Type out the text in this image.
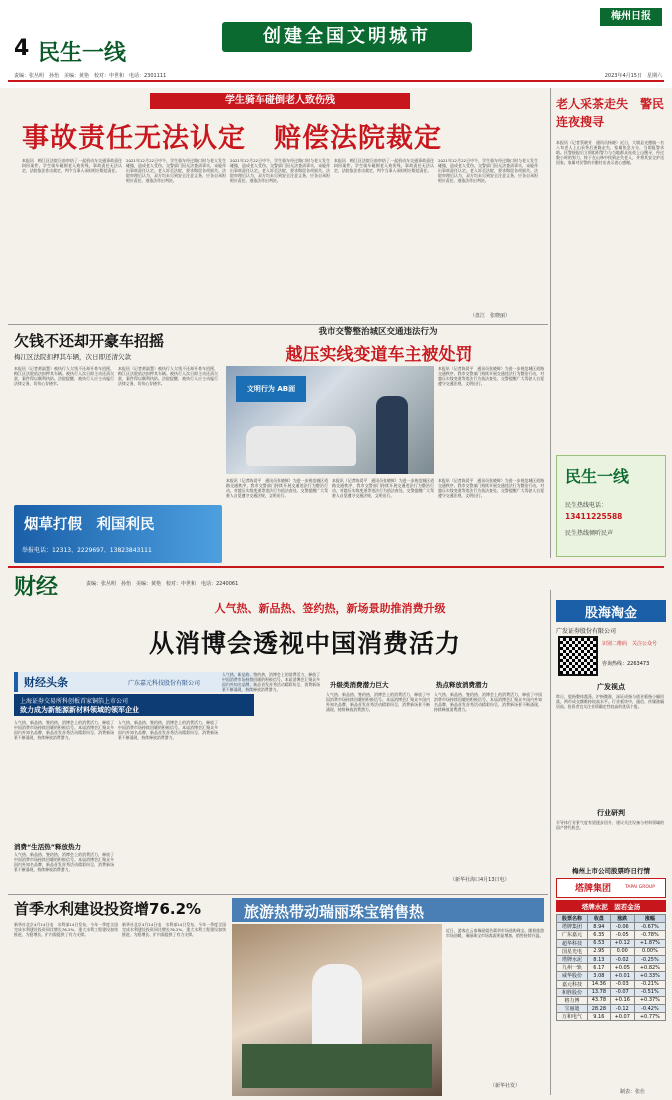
4 民生一线
创建全国文明城市
梅州日报
责编：张丛明　孙怡　美编：黄艳　校对：申世和　电话：2301111	2023年4月15日　星期六
学生骑车碰倒老人致伤残
事故责任无法认定　赔偿法院裁定
本报讯　梅江区法院日前审结了一起机动车交通事故责任纠纷案件。学生骑车碰倒老人致伤残，事故责任无法认定，法院依法作出裁定，判令当事人承担相应赔偿责任。
2021年12月22日中午，学生骑车经过路口时与老人发生碰撞，造成老人受伤。交警部门因无法查清事实，未能作出事故责任认定。老人诉至法院，要求赔偿各项损失。法院审理后认为，双方均未尽到安全注意义务，应各自承担相应责任，遂依法作出判决。
2021年12月22日中午，学生骑车经过路口时与老人发生碰撞，造成老人受伤。交警部门因无法查清事实，未能作出事故责任认定。老人诉至法院，要求赔偿各项损失。法院审理后认为，双方均未尽到安全注意义务，应各自承担相应责任，遂依法作出判决。
本报讯　梅江区法院日前审结了一起机动车交通事故责任纠纷案件。学生骑车碰倒老人致伤残，事故责任无法认定，法院依法作出裁定，判令当事人承担相应赔偿责任。
2021年12月22日中午，学生骑车经过路口时与老人发生碰撞，造成老人受伤。交警部门因无法查清事实，未能作出事故责任认定。老人诉至法院，要求赔偿各项损失。法院审理后认为，双方均未尽到安全注意义务，应各自承担相应责任，遂依法作出判决。
（盘江　张晓丽）
老人采茶走失　警民连夜搜寻
本报讯（记者蔡晓芳　通讯员杨晓）近日，大埔县光德镇一名八旬老人上山采茶后迷路走失，家属焦急万分，当即报警求助。民警接报后立即组织警力与当地群众连夜上山搜寻，经过数小时的努力，终于在山林中找到走失老人，并将其安全护送回家。家属对民警的辛勤付出表示衷心感谢。
欠钱不还却开豪车招摇
梅江区法院扣押其车辆，次日即还清欠款
本报讯（记者黄淑慧）被执行人欠钱不还却开豪车招摇，梅江区法院依法扣押其车辆。被执行人次日即主动还清欠款，案件得以顺利执结。法院提醒，被执行人应主动履行法律义务，切勿心存侥幸。
本报讯（记者黄淑慧）被执行人欠钱不还却开豪车招摇，梅江区法院依法扣押其车辆。被执行人次日即主动还清欠款，案件得以顺利执结。法院提醒，被执行人应主动履行法律义务，切勿心存侥幸。
我市交警整治城区交通违法行为
越压实线变道车主被处罚
文明行为 AB面
本报讯（记者陈爱平　通讯员张晓辉）为进一步规范城区道路交通秩序，我市交警部门持续开展交通违法行为整治行动，对越压实线变道等违法行为依法查处。交警提醒广大驾驶人自觉遵守交通法规，文明出行。
本报讯（记者陈爱平　通讯员张晓辉）为进一步规范城区道路交通秩序，我市交警部门持续开展交通违法行为整治行动，对越压实线变道等违法行为依法查处。交警提醒广大驾驶人自觉遵守交通法规，文明出行。
本报讯（记者陈爱平　通讯员张晓辉）为进一步规范城区道路交通秩序，我市交警部门持续开展交通违法行为整治行动，对越压实线变道等违法行为依法查处。交警提醒广大驾驶人自觉遵守交通法规，文明出行。
本报讯（记者陈爱平　通讯员张晓辉）为进一步规范城区道路交通秩序，我市交警部门持续开展交通违法行为整治行动，对越压实线变道等违法行为依法查处。交警提醒广大驾驶人自觉遵守交通法规，文明出行。
烟草打假　利国利民
举报电话：12313、2229697、13823843111
民生一线
民生热线电话：
13411225588
民生热线倾听民声
财经	责编：张丛明　孙怡　美编：黄艳　校对：申世和　电话：2240061
人气热、新品热、签约热，新场景助推消费升级
从消博会透视中国消费活力
财经头条	广东嘉元科技股份有限公司
上海证券交易所科创板首家铜箔上市公司
致力成为新能源新材料领域的领军企业
人气热、新品热、签约热，消博会上的消费活力，释放了中国消费市场持续回暖的积极信号。本届消博会汇聚众多国内外知名品牌，新品首发首秀活动精彩纷呈，消费新场景不断涌现，持续释放消费潜力。
消费“生活热”释放热力
人气热、新品热、签约热，消博会上的消费活力，释放了中国消费市场持续回暖的积极信号。本届消博会汇聚众多国内外知名品牌，新品首发首秀活动精彩纷呈，消费新场景不断涌现，持续释放消费潜力。
人气热、新品热、签约热，消博会上的消费活力，释放了中国消费市场持续回暖的积极信号。本届消博会汇聚众多国内外知名品牌，新品首发首秀活动精彩纷呈，消费新场景不断涌现，持续释放消费潜力。
人气热、新品热、签约热，消博会上的消费活力，释放了中国消费市场持续回暖的积极信号。本届消博会汇聚众多国内外知名品牌，新品首发首秀活动精彩纷呈，消费新场景不断涌现，持续释放消费潜力。
升级类消费潜力巨大
人气热、新品热、签约热，消博会上的消费活力，释放了中国消费市场持续回暖的积极信号。本届消博会汇聚众多国内外知名品牌，新品首发首秀活动精彩纷呈，消费新场景不断涌现，持续释放消费潜力。
热点释放消费潜力
人气热、新品热、签约热，消博会上的消费活力，释放了中国消费市场持续回暖的积极信号。本届消博会汇聚众多国内外知名品牌，新品首发首秀活动精彩纷呈，消费新场景不断涌现，持续释放消费潜力。
（新华社海口4月13日电）
首季水利建设投资增76.2%
新华社北京4月14日电　水利部14日发布，今年一季度全国完成水利建设投资同比增长76.2%，重大水利工程建设加快推进，为稳增长、扩内需提供了有力支撑。
新华社北京4月14日电　水利部14日发布，今年一季度全国完成水利建设投资同比增长76.2%，重大水利工程建设加快推进，为稳增长、扩内需提供了有力支撑。
旅游热带动瑞丽珠宝销售热
近日，游客在云南瑞丽姐告翡翠市场选购珠宝。随着旅游市场回暖，瑞丽珠宝市场客流明显增加，销售持续升温。
（新华社发）
股海淘金
广发证券股份有限公司
识别二维码　关注公众号
咨询热线：2263473
广发视点
昨日，股指整体震荡。沪指微涨，深证成指与创业板指小幅回落，两市成交额维持较高水平。行业板块中，通信、传媒涨幅居前。投资者宜关注业绩确定性较高的优质个股。
行业研判
半导体行业景气度有望逐步回升，建议关注设备与材料领域的国产替代机会。
梅州上市公司股票昨日行情
塔牌集团	TAPAI GROUP
塔牌水泥　固若金汤
股票名称	收盘	涨跌	涨幅
塔牌集团	8.94	-0.06	-0.67%
广东嘉元	6.35	-0.05	-0.78%
超华科技	6.53	+0.12	+1.87%
国星光电	2.95	0.00	0.00%
塔牌水泥	8.13	-0.02	-0.25%
九州一轨	6.17	+0.05	+0.82%
威华股份	3.08	+0.01	+0.33%
嘉元科技	14.36	-0.03	-0.21%
和胜股份	13.78	-0.07	-0.51%
格力博	43.78	+0.16	+0.37%
宝丽迪	28.28	-0.12	-0.42%
万和电气	9.16	+0.07	+0.77%
制表：张仕
